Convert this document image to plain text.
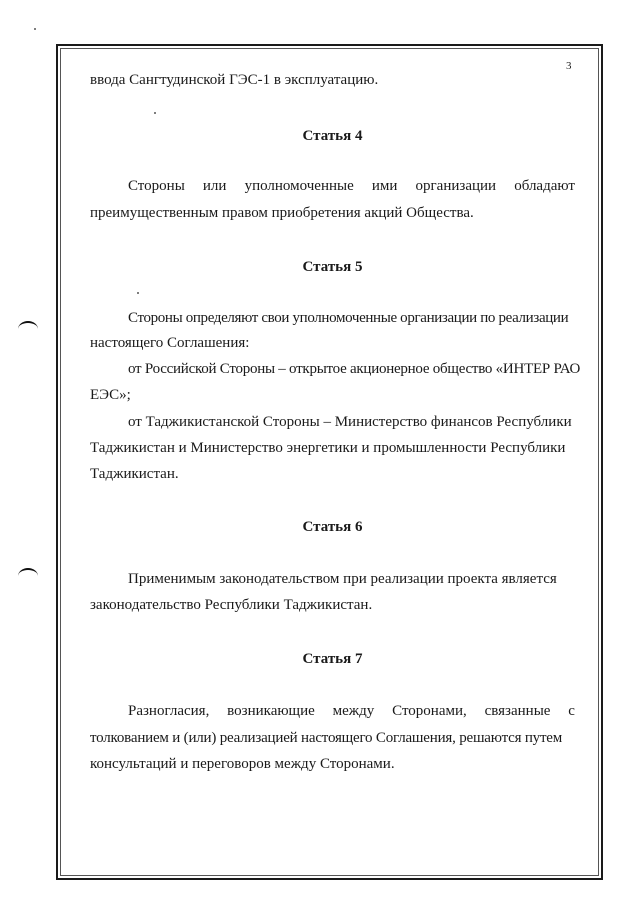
3
ввода Сангтудинской ГЭС-1 в эксплуатацию.
Статья 4
Стороны или уполномоченные ими организации обладают
преимущественным правом приобретения акций Общества.
Статья 5
Стороны определяют свои уполномоченные организации по реализации
настоящего Соглашения:
от Российской Стороны – открытое акционерное общество «ИНТЕР РАО
ЕЭС»;
от Таджикистанской Стороны – Министерство финансов Республики
Таджикистан и Министерство энергетики и промышленности Республики
Таджикистан.
Статья 6
Применимым законодательством при реализации проекта является
законодательство Республики Таджикистан.
Статья 7
Разногласия, возникающие между Сторонами, связанные с
толкованием и (или) реализацией настоящего Соглашения, решаются путем
консультаций и переговоров между Сторонами.
